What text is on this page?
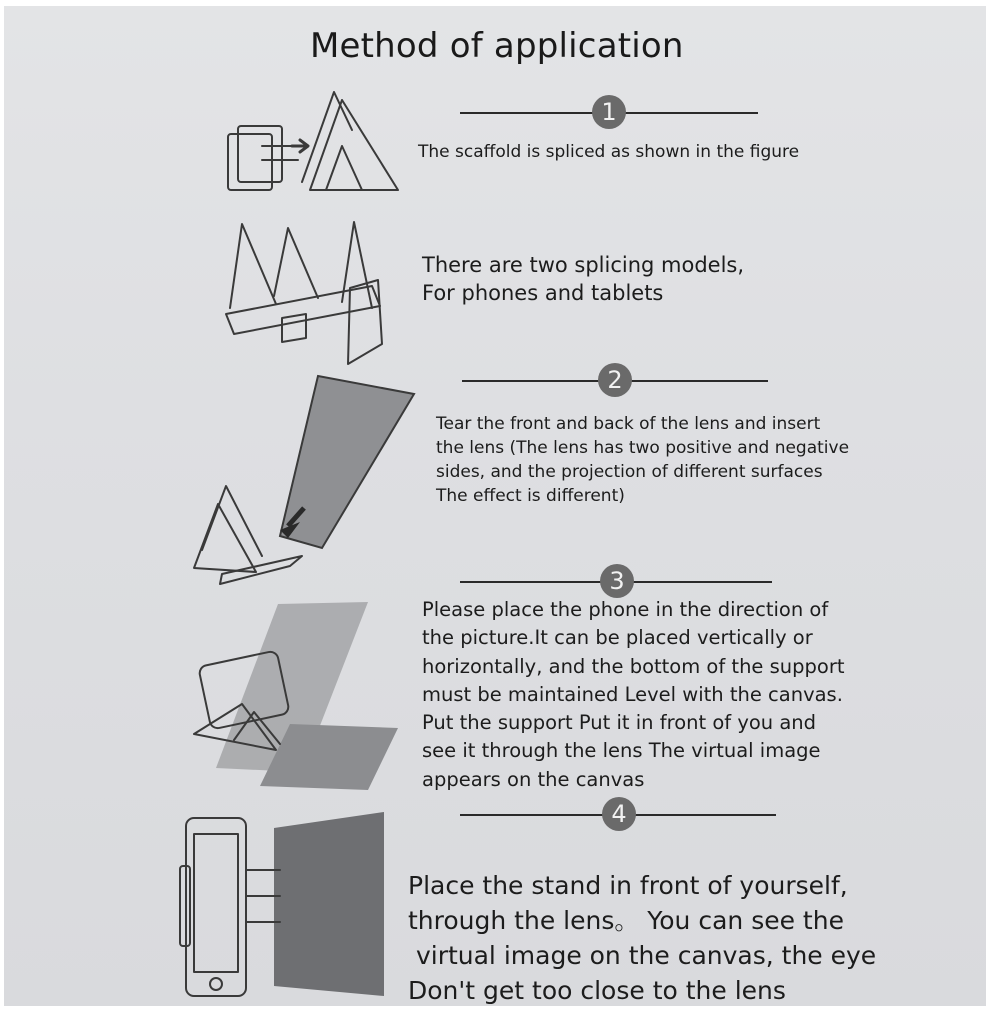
Method of application
1
The scaffold is spliced as shown in the figure
There are two splicing models,
For phones and tablets
2
Tear the front and back of the lens and insert
the lens (The lens has two positive and negative
sides, and the projection of different surfaces
The effect is different)
3
Please place the phone in the direction of
the picture.It can be placed vertically or
horizontally, and the bottom of the support
must be maintained Level with the canvas.
Put the support Put it in front of you and
see it through the lens The virtual image
appears on the canvas
4
Place the stand in front of yourself,
through the lens。 You can see the
virtual image on the canvas, the eye
Don't get too close to the lens
